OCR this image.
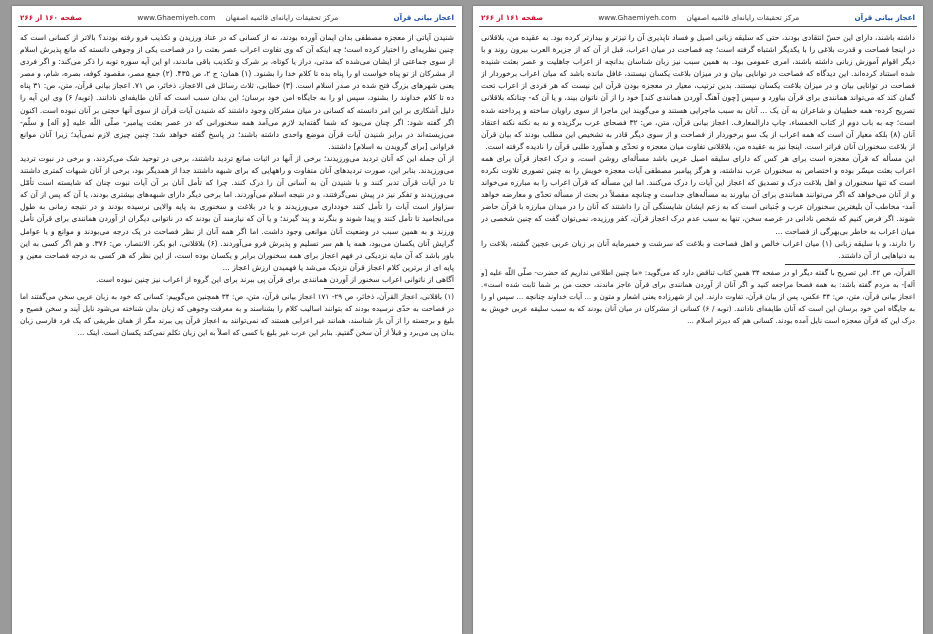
صفحه ۱۶۰ از ۲۶۶	www.Ghaemiyeh.com مرکز تحقیقات رایانه‌ای قائمیه اصفهان	اعجاز بیانی قرآن

شنیدن آیاتی از معجزه مصطفی بدان ایمان آورده بودند، نه از کسانی که در عناد ورزیدن و تکذیب فرو رفته بودند؟ بالاتر از کسانی است که چنین نظریه‌ای را اختیار کرده است؛ چه اینکه آن که وی تفاوت اعراب عصر بعثت را در فصاحت یکی از وجوهی دانسته که مانع پذیرش اسلام از سوی جماعتی از ایشان می‌شده که مدتی، دراز یا کوتاه، بر شرک و تکذیب باقی ماندند، او این آیه سوره توبه را ذکر می‌کند: و اگر فردی از مشرکان از تو پناه خواست او را پناه بده تا کلام خدا را بشنود. (۱) همان: ج ۲، ص ۴۳۵. (۲) جمع مصر، مقصود کوفه، بصره، شام، و مصر یعنی شهرهای بزرگ فتح شده در صدر اسلام است. (۳) خطابی، ثلاث رسائل فی الاعجاز، ذخائر، ص ۷۱. اعجاز بیانی قرآن، متن، ص: ۳۱ پناه ده تا کلام خداوند را بشنود، سپس او را به جایگاه امن خود برسان؛ این بدان سبب است که آنان طایفه‌ای نادانند. (توبه/ ۶) وی این آیه را دلیل آشکاری بر این امر دانسته که کسانی در میان مشرکان وجود داشتند که شنیدن آیات قرآن از سوی آنها حجتی بر آنان نبوده است. اکنون اگر گفته شود: اگر چنان می‌بود که شما گفته‌اید لازم می‌آمد همه سخنورانی که در عصر بعثت پیامبر- صلّی اللّه علیه [و آله] و سلّم- می‌زیسته‌اند در برابر شنیدن آیات قرآن موضع واحدی داشته باشند؛ در پاسخ گفته خواهد شد: چنین چیزی لازم نمی‌آید؛ زیرا آنان موانع فراوانی [برای گرویدن به اسلام] داشتند.

از آن جمله این که آنان تردید می‌ورزیدند؛ برخی از آنها در اثبات صانع تردید داشتند، برخی در توحید شک می‌کردند، و برخی در نبوت تردید می‌ورزیدند. بنابر این، صورت تردیدهای آنان متفاوت و راههایی که برای شبهه داشتند جدا از همدیگر بود، برخی از آنان شبهات کمتری داشتند تا در آیات قرآن تدبر کنند و با شنیدن آن به آسانی آن را درک کنند. چرا که تأمل آنان بر آن آیات نبوت چنان که شایسته است تأمّل می‌ورزیدند و تفکر نیز در پیش نمی‌گرفتند، و در نتیجه اسلام می‌آوردند. اما برخی دیگر دارای شبهه‌های بیشتری بودند، یا آن که پس از آن که سزاوار است آیات را تأمل کنند خودداری می‌ورزیدند و یا در بلاغت و سخنوری به پایه والایی نرسیده بودند و در نتیجه زمانی به طول می‌انجامید تا تأمل کنند و پیدا شوند و بنگرند و پند گیرند؛ و یا آن که نیازمند آن بودند که در ناتوانی دیگران از آوردن همانندی برای قرآن تأمل ورزند و به همین سبب در وضعیت آنان موانعی وجود داشت. اما اگر همه آنان از نظر فصاحت در یک درجه می‌بودند و موانع و یا عوامل گرایش آنان یکسان می‌بود، همه یا هم سر تسلیم و پذیرش فرو می‌آوردند. (۶) بلاقلانی، ابو بکر، الانتصار، ص: ۳۷۶. و هم اگر کسی به این باور باشد که آن مایه نزدیکی در فهم اعجاز برای همه سخنوران برابر و یکسان بوده است، از این نظر که هر کسی به درجه فصاحت معین و پایه ای از برترین کلام اعجاز قرآن نزدیک می‌شد یا فهمیدن ارزش اعجاز ...

آگاهی از ناتوانی اعراب سخنور از آوردن همانندی برای قرآن پی ببرند برای این گروه از اعراب نیز چنین نبوده است.

(۱) باقلانی، اعجاز القرآن، ذخائر، ص ۲۹- ۱۷۱ اعجاز بیانی قرآن، متن، ص: ۳۴ همچنین می‌گوییم: کسانی که خود به زبان عربی سخن می‌گفتند اما در فصاحت به حدّی نرسیده بودند که بتوانند اسالیب کلام را بشناسند و به معرفت وجوهی که زبان بدان شناخته می‌شود نایل آیند و سخن فصیح و بلیغ و برجسته را از آن باز شناسند، همانند غیر اعرابی هستند که نمی‌توانند به اعجاز قرآن پی ببرند مگر از همان طریقی که یک فرد فارسی زبان بدان پی می‌برد و قبلاً از آن سخن گفتیم. بنابر این عرب غیر بلیغ با کسی که اصلاً به این زبان تکلم نمی‌کند یکسان است. اینک ...

صفحه ۱۶۱ از ۲۶۶	www.Ghaemiyeh.com مرکز تحقیقات رایانه‌ای قائمیه اصفهان	اعجاز بیانی قرآن

داشته باشند، دارای این حسّ انتقادی بودند، حتی که سلیقه زبانی اصیل و فساد ناپذیری آن را تیزتر و بیدارتر کرده بود. به عقیده من، بلاقلانی در اینجا فصاحت و قدرت بلاغی را با یکدیگر اشتباه گرفته است؛ چه فصاحت در میان اعراب، قبل از آن که از جزیرة العرب بیرون روند و با دیگر اقوام آموزش زبانی داشته باشند، امری عمومی بود. به همین سبب نیز زبان شناسان بدانچه از اعراب جاهلیت و عصر بعثت شنیده شده استناد کرده‌اند. این دیدگاه که فصاحت در توانایی بیان و در میزان بلاغت یکسان نیستند، غافل مانده باشد که میان اعراب برخوردار از فصاحت در توانایی بیان و در میزان بلاغت یکسان نیستند. بدین ترتیب، معیار در معجزه بودن قرآن این نیست که هر فردی از اعراب تحت گمان کند که می‌تواند همانندی برای قرآن بیاورد و سپس [چون آهنگ آوردن همانندی کند] خود را از آن ناتوان بیند، و یا آن که- چنانکه بلاقلانی تصریح کرده- همه خطیبان و شاعران به آن یک ... آنان به سبب ماجرایی هستند و می‌گویند این ماجرا از سوی راویان ساخته و پرداخته شده است؛ چه به باب دوم از کتاب الخمساء، چاپ دارالمعارف. اعجاز بیانی قرآن، متن، ص: ۳۲ فصحای عرب برگزیده و نه به نکته نکته اعتقاد آنان (۸) بلکه معیار آن است که همه اعراب از یک سو برخوردار از فصاحت و از سوی دیگر قادر به تشخیص این مطلب بودند که بیان قرآن از بلاغت سخنوران آنان فراتر است. اینجا نیز به عقیده من، بلاقلانی تفاوت میان معجزه و تحدّی و همآورد طلبی قرآن را نادیده گرفته است.

این مسأله که قرآن معجزه است برای هر کس که دارای سلیقه اصیل عربی باشد مسأله‌ای روشن است، و درک اعجاز قرآن برای همه اعراب بعثت میسّر بوده و اختصاص به سخنوران عرب نداشته، و هرگز پیامبر مصطفی آیات معجزه خویش را به چنین تصوری تلاوت نکرده است که تنها سخنوران و اهل بلاغت درک و تصدیق که اعجاز این آیات را درک می‌کنند. اما این مسأله که قرآن اعراب را به مبارزه می‌خواند و از آنان می‌خواهد که اگر می‌توانند همانندی برای آن بیاورند به مسأله‌های جداست و چنانچه مفصلاً در بحث از مسأله تحدّی و معارضه خواهد آمد- مخاطب آن بلیغترین سخنوران عرب و جُنبانی است که به زعم ایشان شایستگی آن را داشتند که آنان را در میدان مبارزه با قرآن حاضر شوند. اگر فرض کنیم که شخص نادانی در عرصه سخن، تنها به سبب عدم درک اعجاز قرآن، کفر ورزیده، نمی‌توان گفت که چنین شخصی در میان اعراب به خاطر بی‌بهرگی از فصاحت ...

را دارند، و با سلیقه زبانی (۱) میان اعراب خالص و اهل فصاحت و بلاغت که سرشت و خمیرمایه آنان بر زبان عربی عجین گشته، بلاغت را به دنیاهایی از آن داشتند.

القرآن، ص ۴۲. این تصریح با گفته دیگر او در صفحه ۳۴ همین کتاب تناقض دارد که می‌گوید: «ما چنین اطلاعی نداریم که حضرت- صلّی اللّه علیه [و آله]- به مردم گفته باشد: به همه فصحا مراجعه کنید و اگر آنان از آوردن همانندی برای قرآن عاجز ماندند، حجت من بر شما ثابت شده است». اعجاز بیانی قرآن، متن، ص: ۳۴ عکس، پس از بیان قرآن، تفاوت دارند. این از شهرزاده یعنی اشعار و متون و ... آیات خداوند چنانچه ... سپس او را به جایگاه امن خود برسان این است که آنان طایفه‌ای نادانند. (توبه / ۶) کسانی از مشرکان در میان آنان بودند که به سبب سلیقه عربی خویش به درک این که قرآن معجزه است نایل آمده بودند. کسانی هم که دیرتر اسلام ...
